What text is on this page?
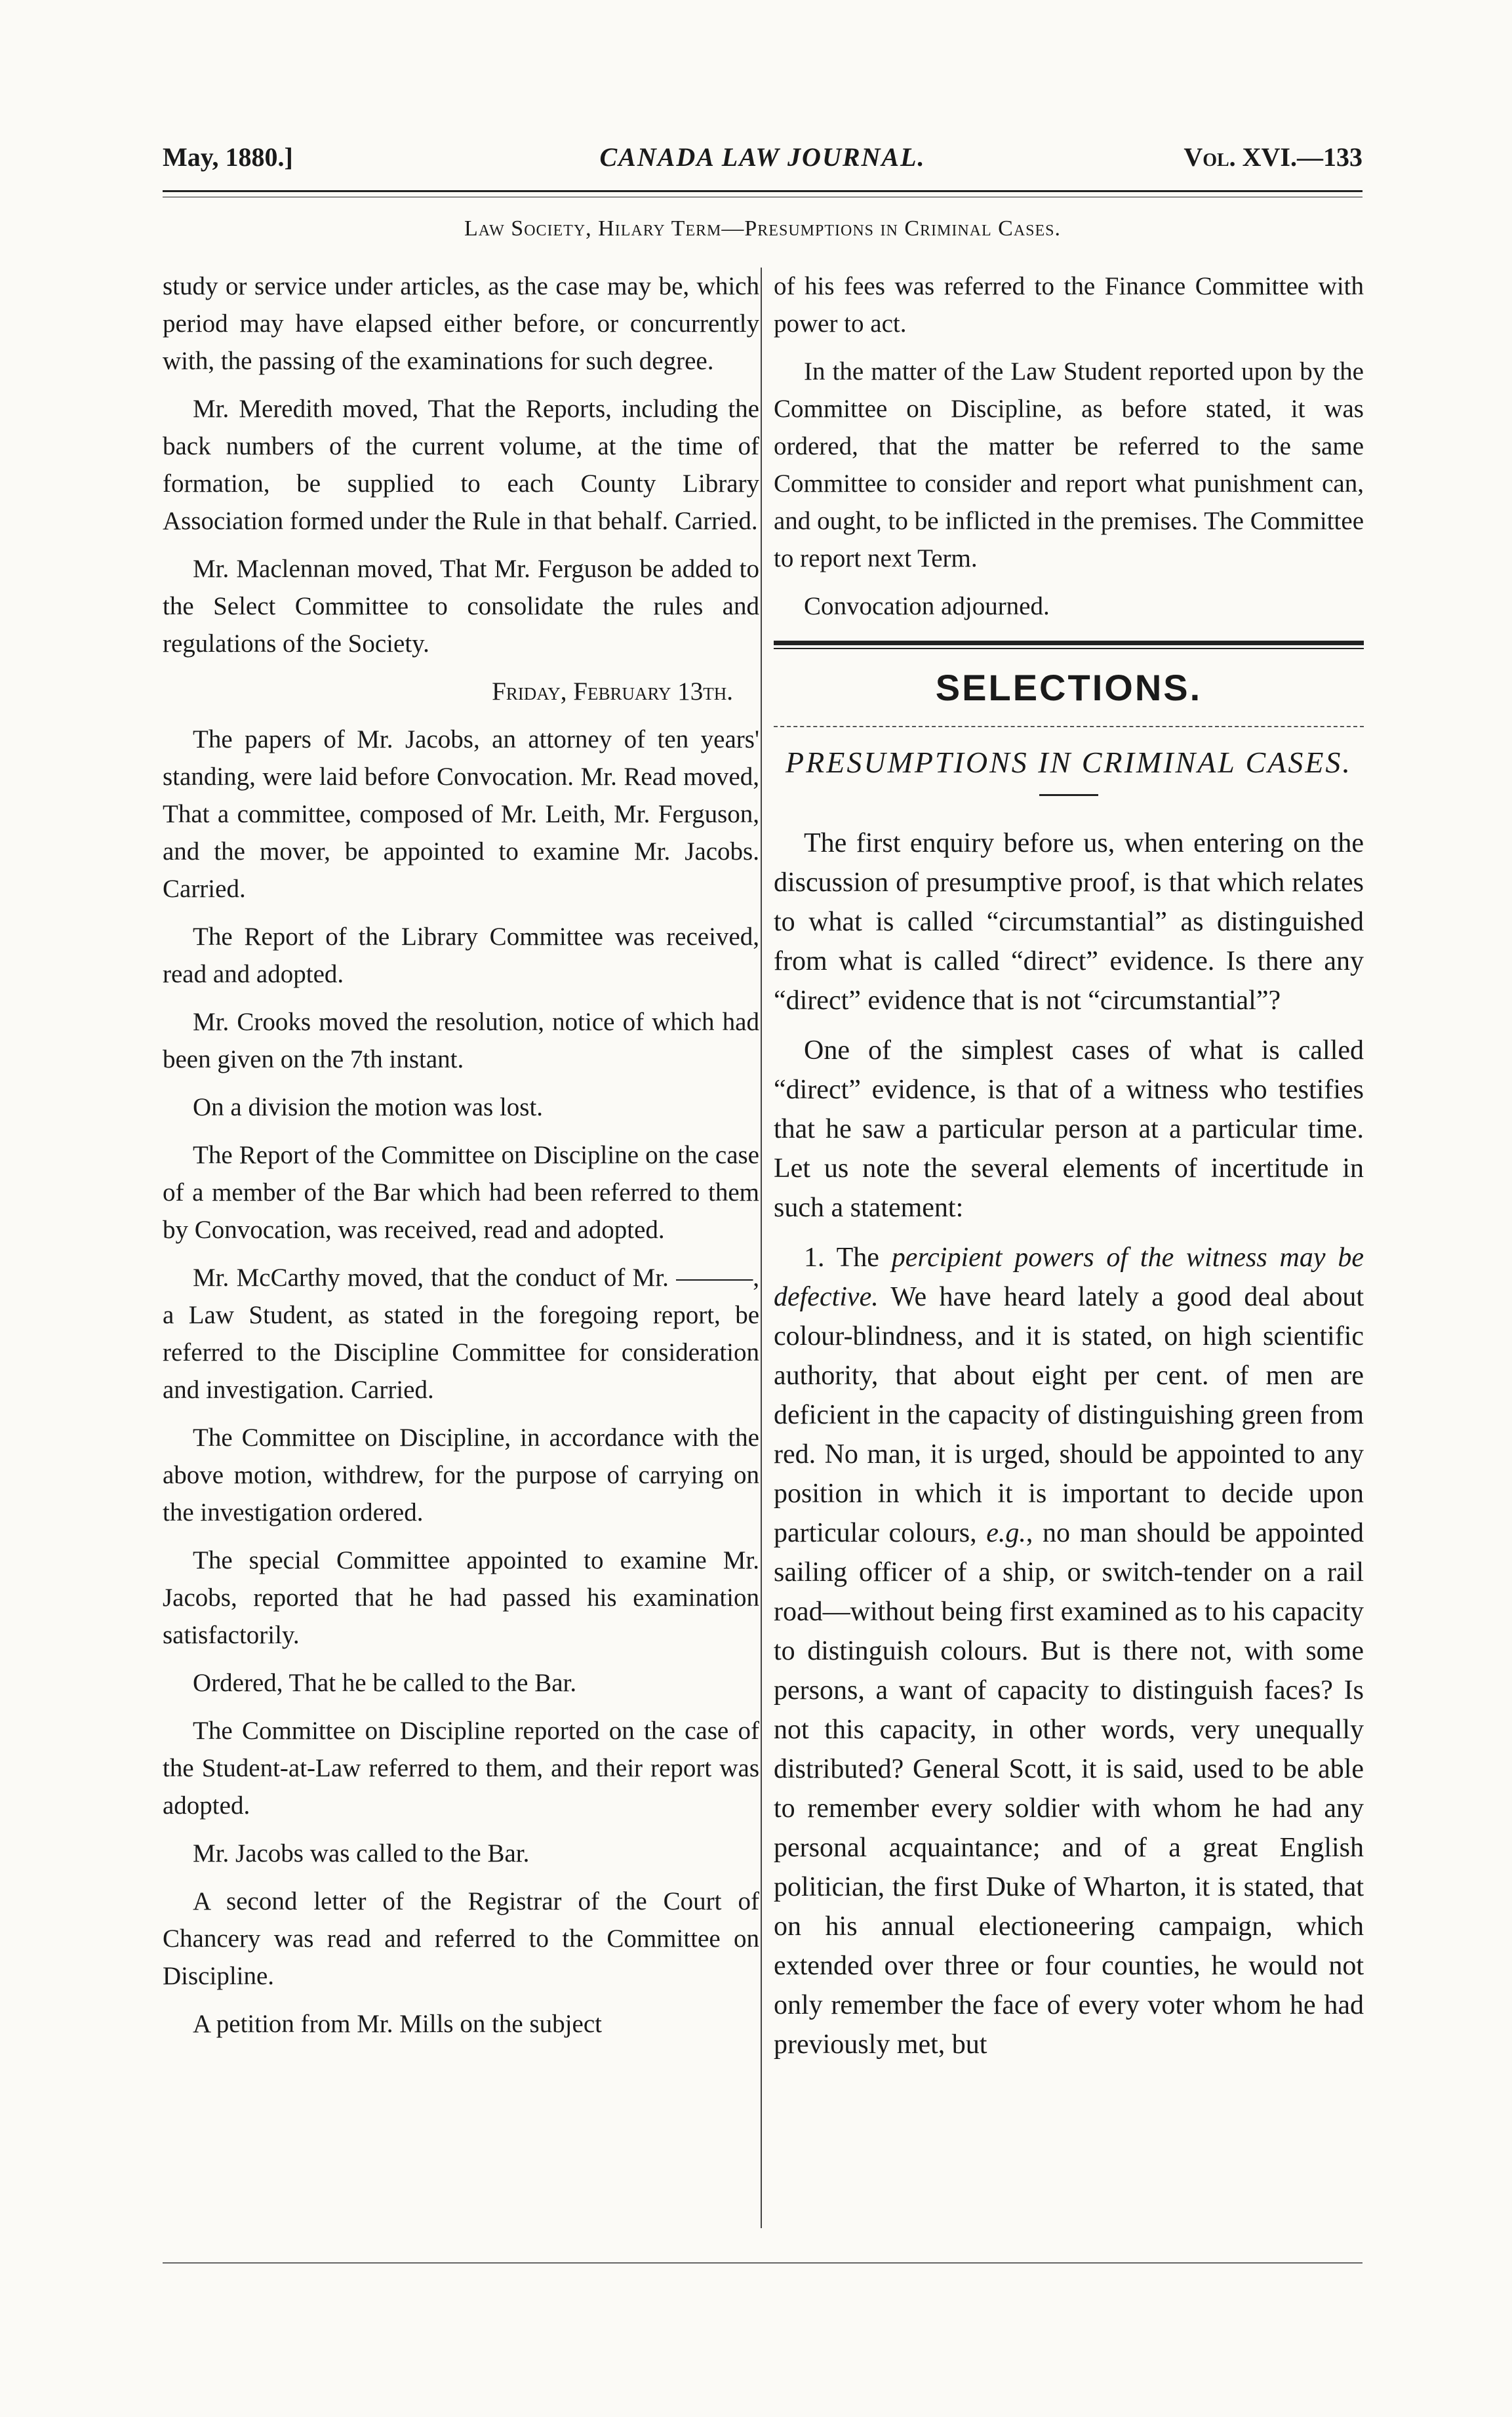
May, 1880.]	CANADA LAW JOURNAL.	Vol. XVI.—133
Law Society, Hilary Term—Presumptions in Criminal Cases.

study or service under articles, as the case may be, which period may have elapsed either before, or concurrently with, the passing of the examinations for such degree.

Mr. Meredith moved, That the Reports, including the back numbers of the current volume, at the time of formation, be supplied to each County Library Association formed under the Rule in that behalf. Carried.

Mr. Maclennan moved, That Mr. Ferguson be added to the Select Committee to consolidate the rules and regulations of the Society.

Friday, February 13th.

The papers of Mr. Jacobs, an attorney of ten years' standing, were laid before Convocation. Mr. Read moved, That a committee, composed of Mr. Leith, Mr. Ferguson, and the mover, be appointed to examine Mr. Jacobs. Carried.

The Report of the Library Committee was received, read and adopted.

Mr. Crooks moved the resolution, notice of which had been given on the 7th instant.

On a division the motion was lost.

The Report of the Committee on Discipline on the case of a member of the Bar which had been referred to them by Convocation, was received, read and adopted.

Mr. McCarthy moved, that the conduct of Mr. ———, a Law Student, as stated in the foregoing report, be referred to the Discipline Committee for consideration and investigation. Carried.

The Committee on Discipline, in accordance with the above motion, withdrew, for the purpose of carrying on the investigation ordered.

The special Committee appointed to examine Mr. Jacobs, reported that he had passed his examination satisfactorily.

Ordered, That he be called to the Bar.

The Committee on Discipline reported on the case of the Student-at-Law referred to them, and their report was adopted.

Mr. Jacobs was called to the Bar.

A second letter of the Registrar of the Court of Chancery was read and referred to the Committee on Discipline.

A petition from Mr. Mills on the subject

of his fees was referred to the Finance Committee with power to act.

In the matter of the Law Student reported upon by the Committee on Discipline, as before stated, it was ordered, that the matter be referred to the same Committee to consider and report what punishment can, and ought, to be inflicted in the premises. The Committee to report next Term.

Convocation adjourned.

SELECTIONS.
PRESUMPTIONS IN CRIMINAL CASES.

The first enquiry before us, when entering on the discussion of presumptive proof, is that which relates to what is called “circumstantial” as distinguished from what is called “direct” evidence. Is there any “direct” evidence that is not “circumstantial”?

One of the simplest cases of what is called “direct” evidence, is that of a witness who testifies that he saw a particular person at a particular time. Let us note the several elements of incertitude in such a statement:

1. The percipient powers of the witness may be defective. We have heard lately a good deal about colour-blindness, and it is stated, on high scientific authority, that about eight per cent. of men are deficient in the capacity of distinguishing green from red. No man, it is urged, should be appointed to any position in which it is important to decide upon particular colours, e.g., no man should be appointed sailing officer of a ship, or switch-tender on a rail road—without being first examined as to his capacity to distinguish colours. But is there not, with some persons, a want of capacity to distinguish faces? Is not this capacity, in other words, very unequally distributed? General Scott, it is said, used to be able to remember every soldier with whom he had any personal acquaintance; and of a great English politician, the first Duke of Wharton, it is stated, that on his annual electioneering campaign, which extended over three or four counties, he would not only remember the face of every voter whom he had previously met, but
